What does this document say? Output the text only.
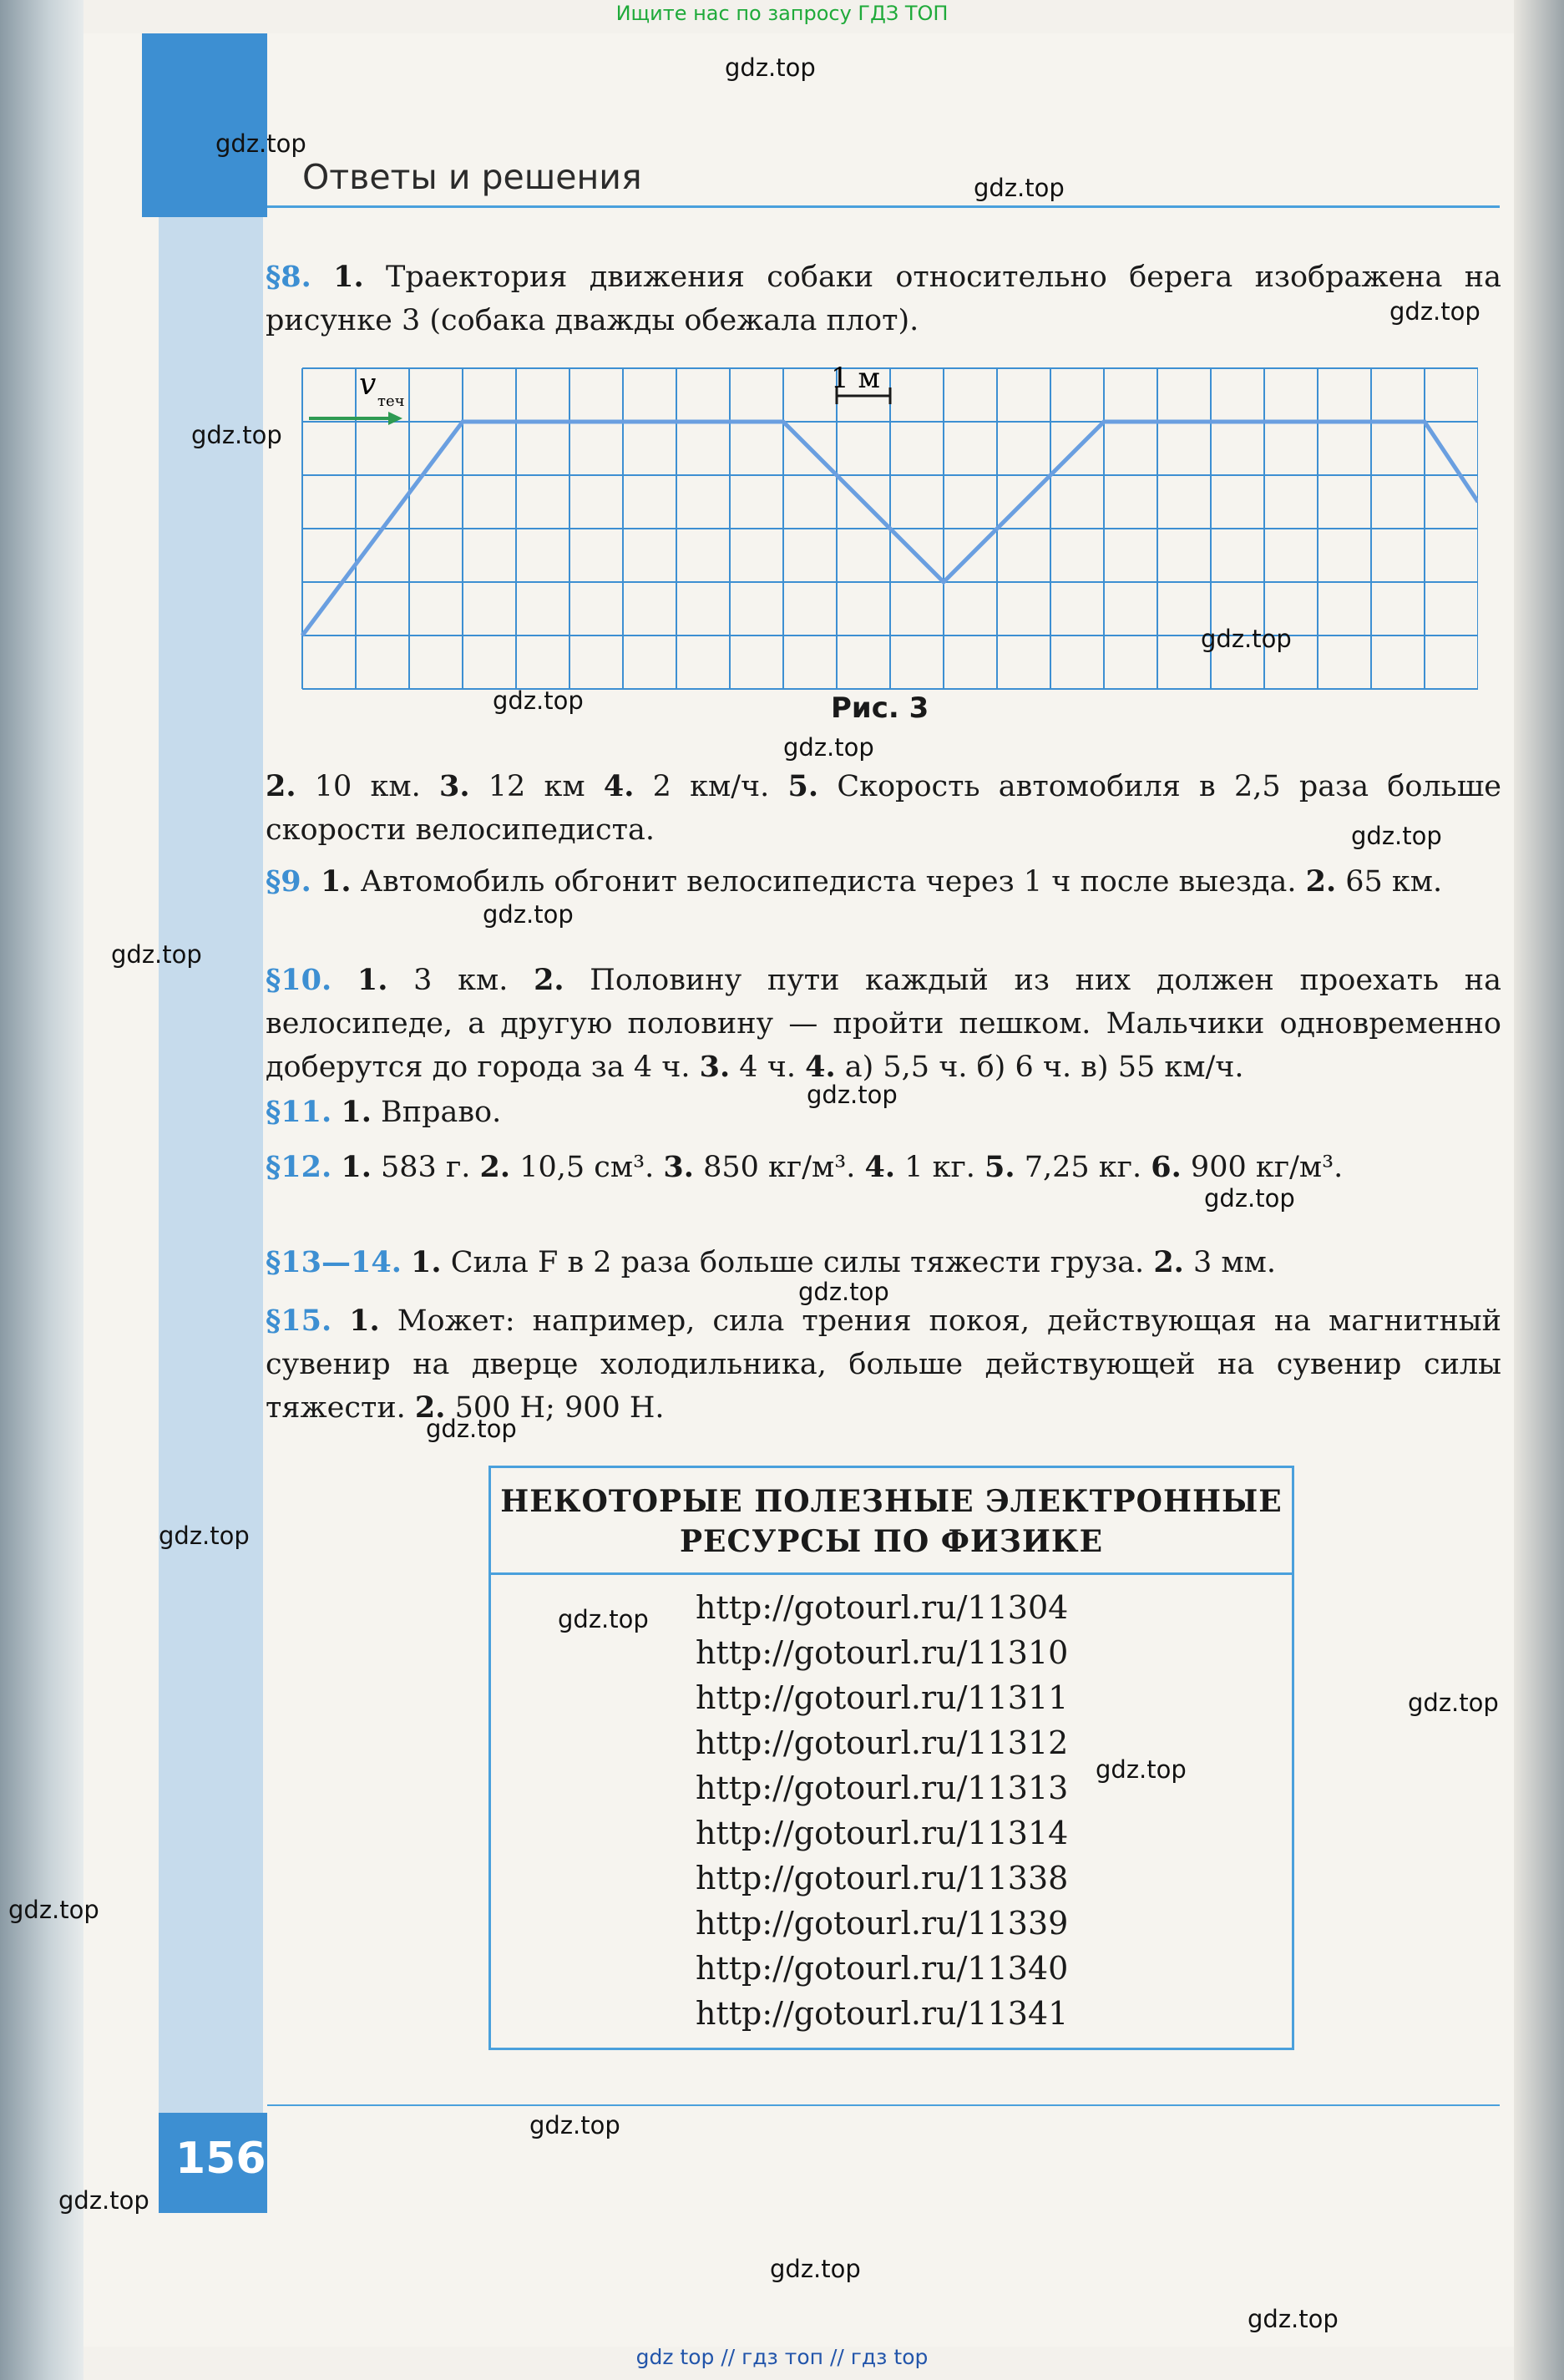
Ищите нас по запросу ГДЗ ТОП
Ответы и решения
§8. 1. Траектория движения собаки относительно берега изображена на рисунке 3 (собака дважды обежала плот).
v теч
1 м
Рис. 3
2. 10 км. 3. 12 км 4. 2 км/ч. 5. Скорость автомобиля в 2,5 раза больше скорости велосипедиста.
§9. 1. Автомобиль обгонит велосипедиста через 1 ч после выезда. 2. 65 км.
§10. 1. 3 км. 2. Половину пути каждый из них должен проехать на велосипеде, а другую половину — пройти пешком. Мальчики одновременно доберутся до города за 4 ч. 3. 4 ч. 4. а) 5,5 ч. б) 6 ч. в) 55 км/ч.
§11. 1. Вправо.
§12. 1. 583 г. 2. 10,5 см³. 3. 850 кг/м³. 4. 1 кг. 5. 7,25 кг. 6. 900 кг/м³.
§13—14. 1. Сила F в 2 раза больше силы тяжести груза. 2. 3 мм.
§15. 1. Может: например, сила трения покоя, действующая на магнитный сувенир на дверце холодильника, больше действующей на сувенир силы тяжести. 2. 500 Н; 900 Н.
НЕКОТОРЫЕ ПОЛЕЗНЫЕ ЭЛЕКТРОННЫЕ
РЕСУРСЫ ПО ФИЗИКЕ
http://gotourl.ru/11304
http://gotourl.ru/11310
http://gotourl.ru/11311
http://gotourl.ru/11312
http://gotourl.ru/11313
http://gotourl.ru/11314
http://gotourl.ru/11338
http://gotourl.ru/11339
http://gotourl.ru/11340
http://gotourl.ru/11341
156
gdz.top
gdz.top
gdz.top
gdz.top
gdz.top
gdz.top
gdz.top
gdz.top
gdz.top
gdz.top
gdz.top
gdz.top
gdz.top
gdz.top
gdz.top
gdz.top
gdz.top
gdz.top
gdz.top
gdz.top
gdz.top
gdz.top
gdz.top
gdz.top
gdz top // гдз топ // гдз top
